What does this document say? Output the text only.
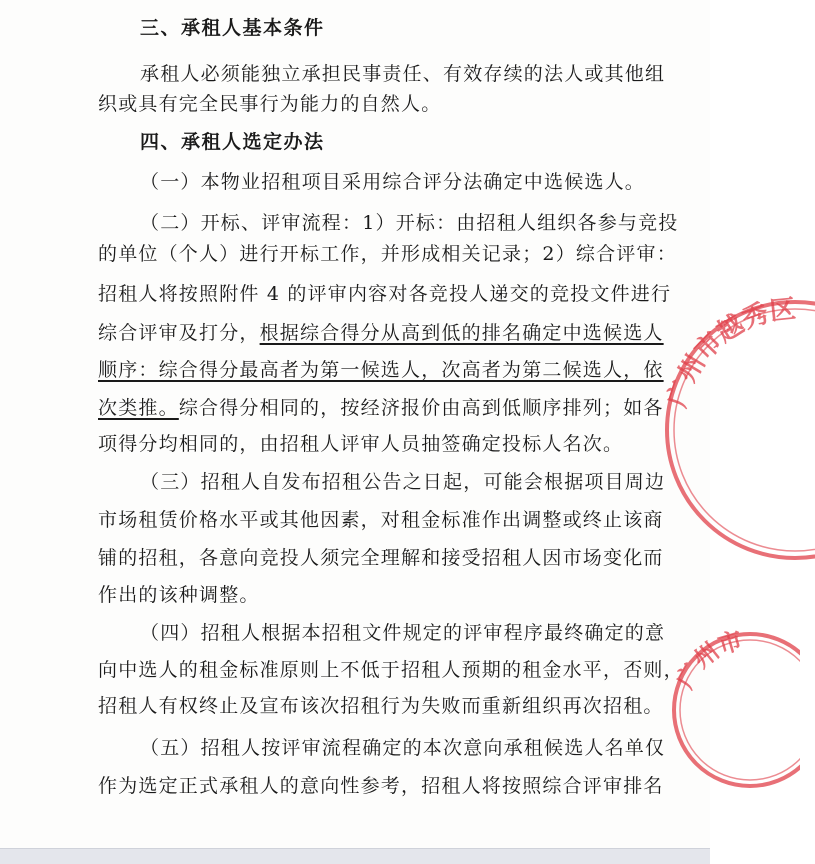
三、承租人基本条件
承租人必须能独立承担民事责任、有效存续的法人或其他组
织或具有完全民事行为能力的自然人。
四、承租人选定办法
（一）本物业招租项目采用综合评分法确定中选候选人。
（二）开标、评审流程：1）开标：由招租人组织各参与竞投
的单位（个人）进行开标工作，并形成相关记录；2）综合评审：
招租人将按照附件 4 的评审内容对各竞投人递交的竞投文件进行
综合评审及打分，根据综合得分从高到低的排名确定中选候选人
顺序：综合得分最高者为第一候选人，次高者为第二候选人，依
次类推。综合得分相同的，按经济报价由高到低顺序排列；如各
项得分均相同的，由招租人评审人员抽签确定投标人名次。
（三）招租人自发布招租公告之日起，可能会根据项目周边
市场租赁价格水平或其他因素，对租金标准作出调整或终止该商
铺的招租，各意向竞投人须完全理解和接受招租人因市场变化而
作出的该种调整。
（四）招租人根据本招租文件规定的评审程序最终确定的意
向中选人的租金标准原则上不低于招租人预期的租金水平，否则，
招租人有权终止及宣布该次招租行为失败而重新组织再次招租。
（五）招租人按评审流程确定的本次意向承租候选人名单仅
作为选定正式承租人的意向性参考，招租人将按照综合评审排名
广州市越秀区
广州市
